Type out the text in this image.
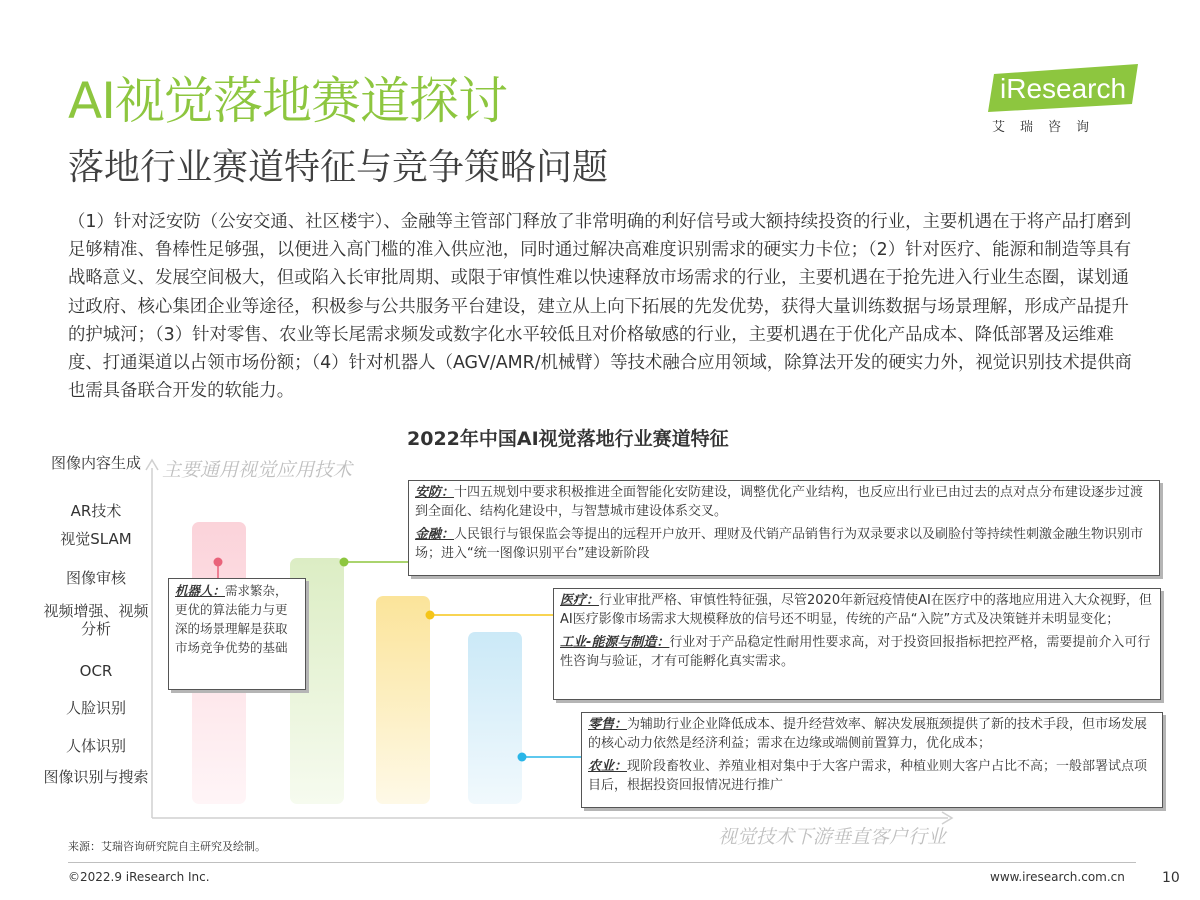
AI视觉落地赛道探讨
落地行业赛道特征与竞争策略问题
iResearch
艾瑞咨询
（1）针对泛安防（公安交通、社区楼宇）、金融等主管部门释放了非常明确的利好信号或大额持续投资的行业，主要机遇在于将产品打磨到足够精准、鲁棒性足够强，以便进入高门槛的准入供应池，同时通过解决高难度识别需求的硬实力卡位；（2）针对医疗、能源和制造等具有战略意义、发展空间极大，但或陷入长审批周期、或限于审慎性难以快速释放市场需求的行业，主要机遇在于抢先进入行业生态圈，谋划通过政府、核心集团企业等途径，积极参与公共服务平台建设，建立从上向下拓展的先发优势，获得大量训练数据与场景理解，形成产品提升的护城河；（3）针对零售、农业等长尾需求频发或数字化水平较低且对价格敏感的行业，主要机遇在于优化产品成本、降低部署及运维难度、打通渠道以占领市场份额；（4）针对机器人（AGV/AMR/机械臂）等技术融合应用领域，除算法开发的硬实力外，视觉识别技术提供商也需具备联合开发的软能力。
2022年中国AI视觉落地行业赛道特征
图像内容生成
AR技术
视觉SLAM
图像审核
视频增强、视频分析
OCR
人脸识别
人体识别
图像识别与搜索
主要通用视觉应用技术
视觉技术下游垂直客户行业

机器人：需求繁杂，更优的算法能力与更深的场景理解是获取市场竞争优势的基础

安防：十四五规划中要求积极推进全面智能化安防建设，调整优化产业结构，也反应出行业已由过去的点对点分布建设逐步过渡到全面化、结构化建设中，与智慧城市建设体系交叉。

金融：人民银行与银保监会等提出的远程开户放开、理财及代销产品销售行为双录要求以及刷脸付等持续性刺激金融生物识别市场；进入“统一图像识别平台”建设新阶段

医疗：行业审批严格、审慎性特征强，尽管2020年新冠疫情使AI在医疗中的落地应用进入大众视野，但AI医疗影像市场需求大规模释放的信号还不明显，传统的产品“入院”方式及决策链并未明显变化；

工业-能源与制造：行业对于产品稳定性耐用性要求高，对于投资回报指标把控严格，需要提前介入可行性咨询与验证，才有可能孵化真实需求。

零售：为辅助行业企业降低成本、提升经营效率、解决发展瓶颈提供了新的技术手段，但市场发展的核心动力依然是经济利益；需求在边缘或端侧前置算力，优化成本；

农业：现阶段畜牧业、养殖业相对集中于大客户需求，种植业则大客户占比不高；一般部署试点项目后，根据投资回报情况进行推广

来源：艾瑞咨询研究院自主研究及绘制。
©2022.9 iResearch Inc.	www.iresearch.com.cn	10
